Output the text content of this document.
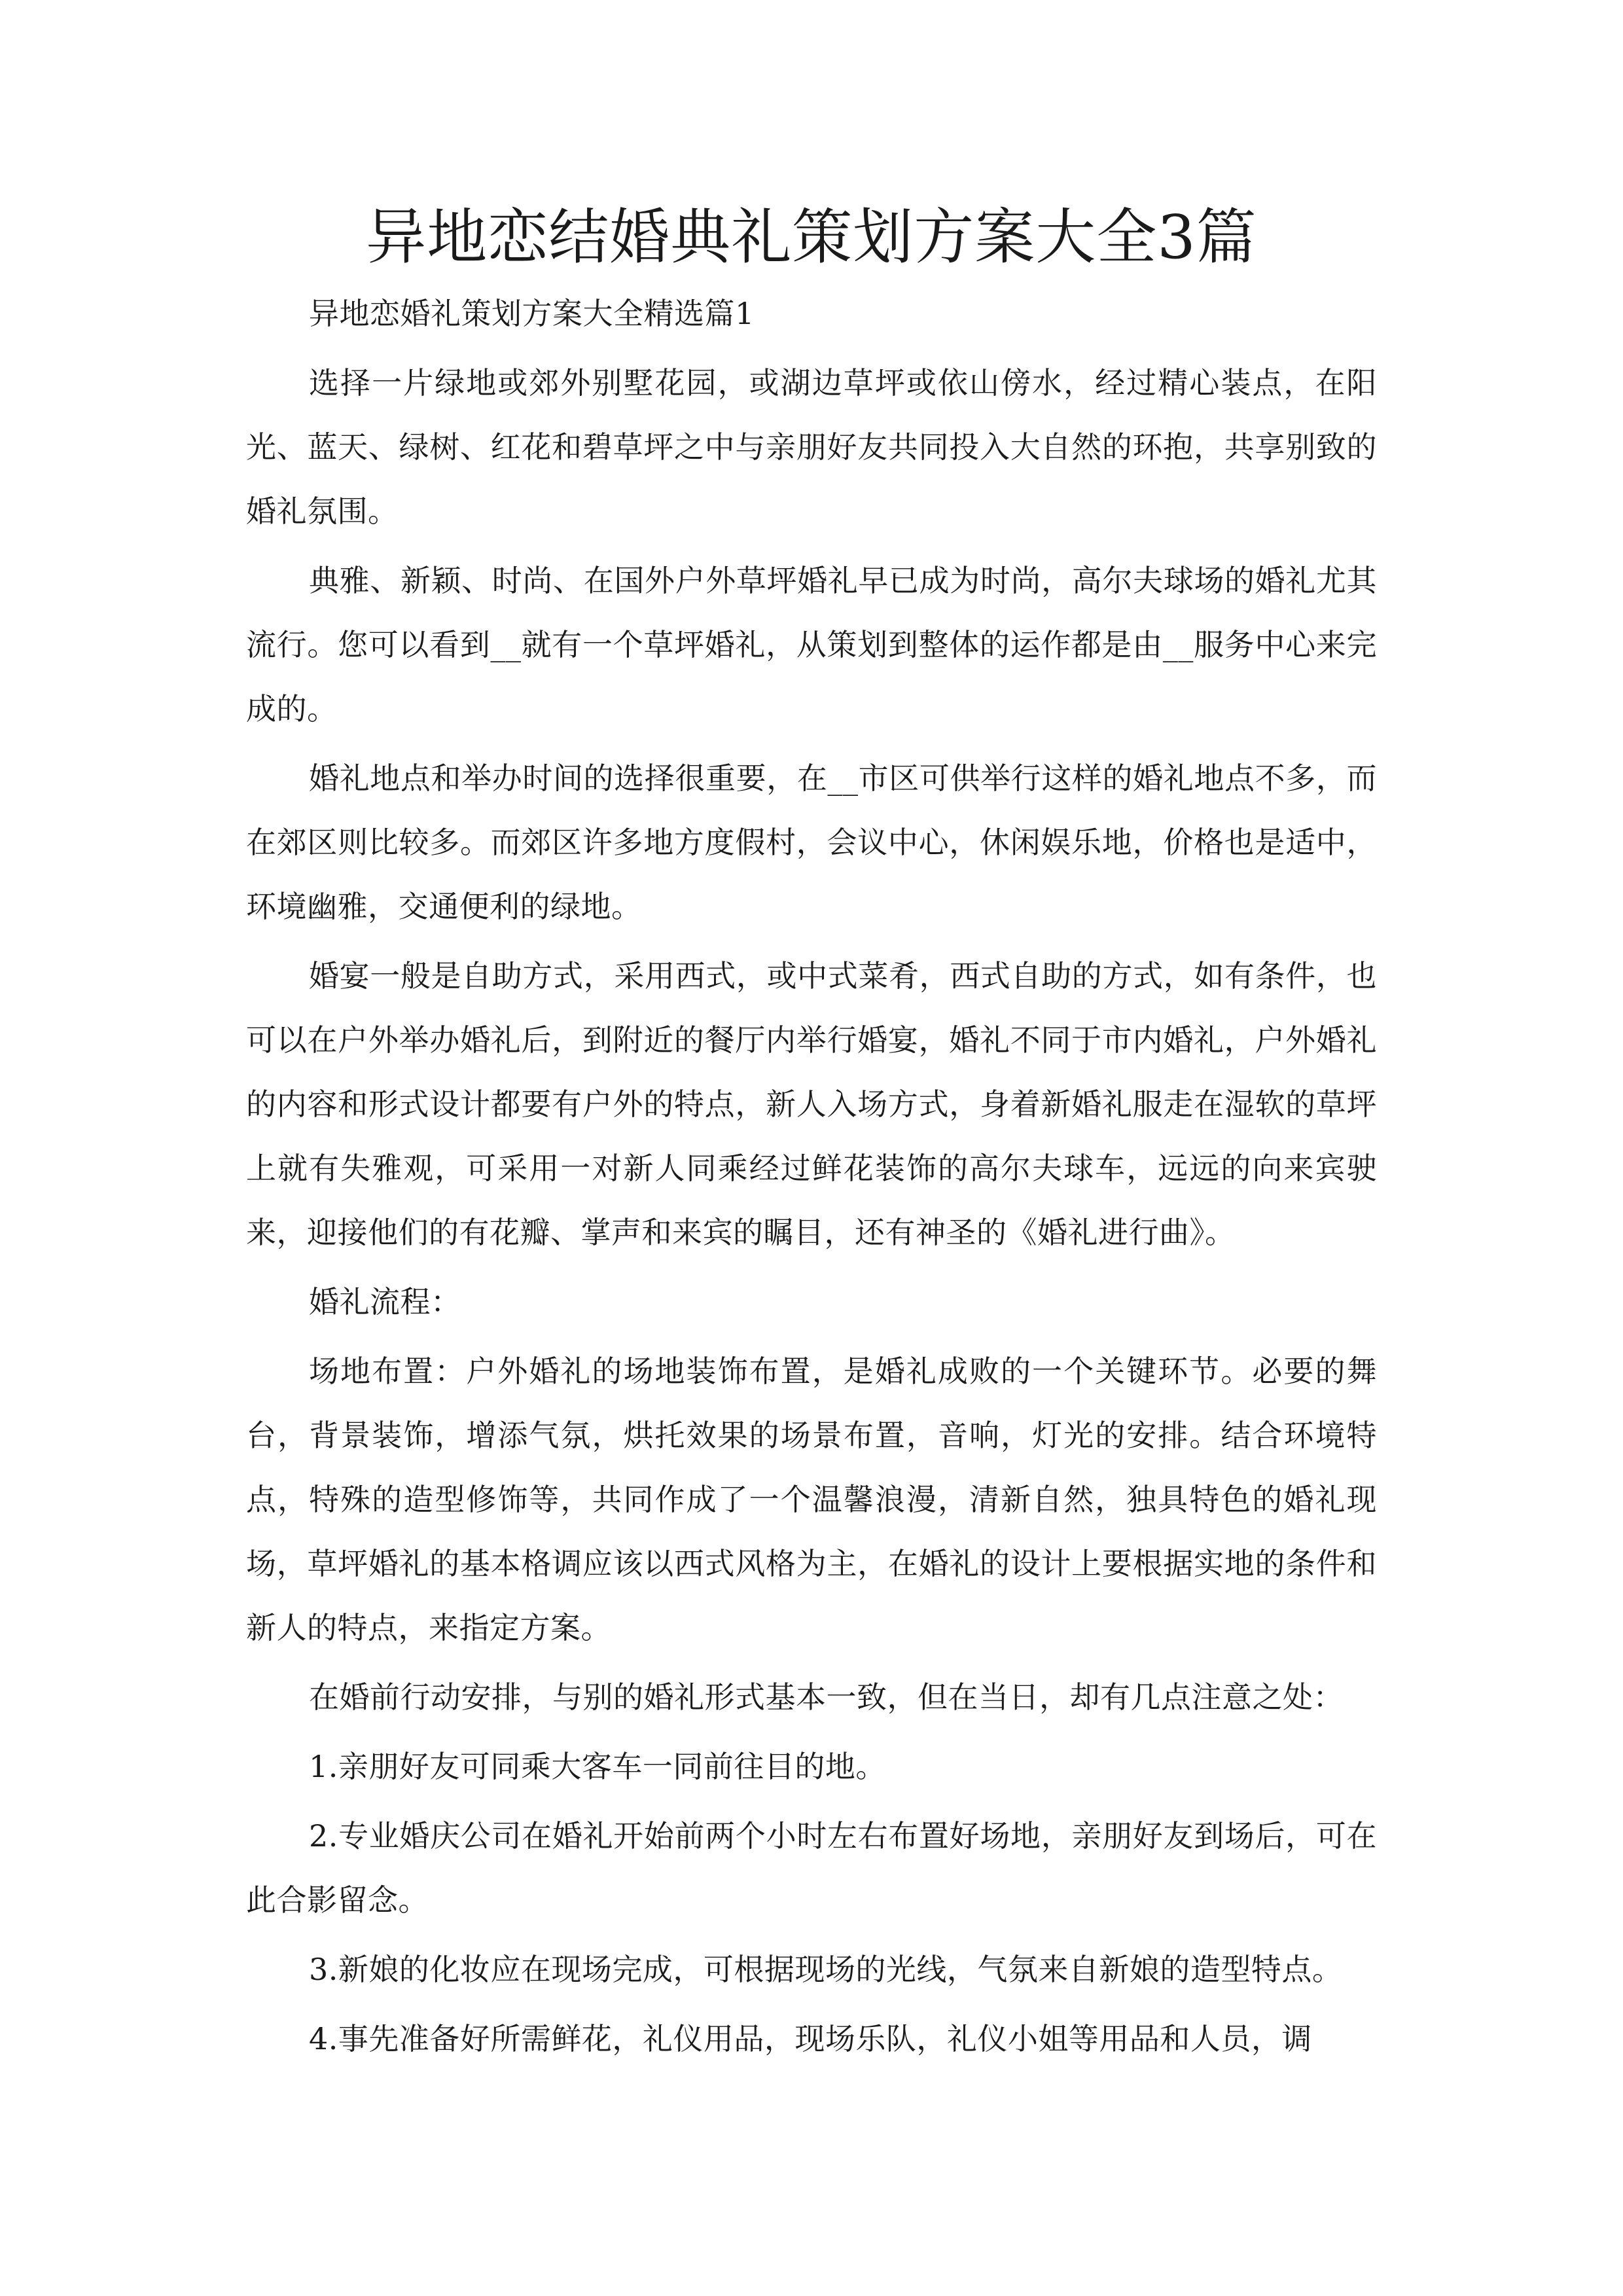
异地恋结婚典礼策划方案大全3篇

异地恋婚礼策划方案大全精选篇1

选择一片绿地或郊外别墅花园，或湖边草坪或依山傍水，经过精心装点，在阳光、蓝天、绿树、红花和碧草坪之中与亲朋好友共同投入大自然的环抱，共享别致的婚礼氛围。

典雅、新颖、时尚、在国外户外草坪婚礼早已成为时尚，高尔夫球场的婚礼尤其流行。您可以看到__就有一个草坪婚礼，从策划到整体的运作都是由__服务中心来完成的。

婚礼地点和举办时间的选择很重要，在__市区可供举行这样的婚礼地点不多，而在郊区则比较多。而郊区许多地方度假村，会议中心，休闲娱乐地，价格也是适中，环境幽雅，交通便利的绿地。

婚宴一般是自助方式，采用西式，或中式菜肴，西式自助的方式，如有条件，也可以在户外举办婚礼后，到附近的餐厅内举行婚宴，婚礼不同于市内婚礼，户外婚礼的内容和形式设计都要有户外的特点，新人入场方式，身着新婚礼服走在湿软的草坪上就有失雅观，可采用一对新人同乘经过鲜花装饰的高尔夫球车，远远的向来宾驶来，迎接他们的有花瓣、掌声和来宾的瞩目，还有神圣的《婚礼进行曲》。

婚礼流程：

场地布置：户外婚礼的场地装饰布置，是婚礼成败的一个关键环节。必要的舞台，背景装饰，增添气氛，烘托效果的场景布置，音响，灯光的安排。结合环境特点，特殊的造型修饰等，共同作成了一个温馨浪漫，清新自然，独具特色的婚礼现场，草坪婚礼的基本格调应该以西式风格为主，在婚礼的设计上要根据实地的条件和新人的特点，来指定方案。

在婚前行动安排，与别的婚礼形式基本一致，但在当日，却有几点注意之处：

1.亲朋好友可同乘大客车一同前往目的地。

2.专业婚庆公司在婚礼开始前两个小时左右布置好场地，亲朋好友到场后，可在此合影留念。

3.新娘的化妆应在现场完成，可根据现场的光线，气氛来自新娘的造型特点。

4.事先准备好所需鲜花，礼仪用品，现场乐队，礼仪小姐等用品和人员，调
